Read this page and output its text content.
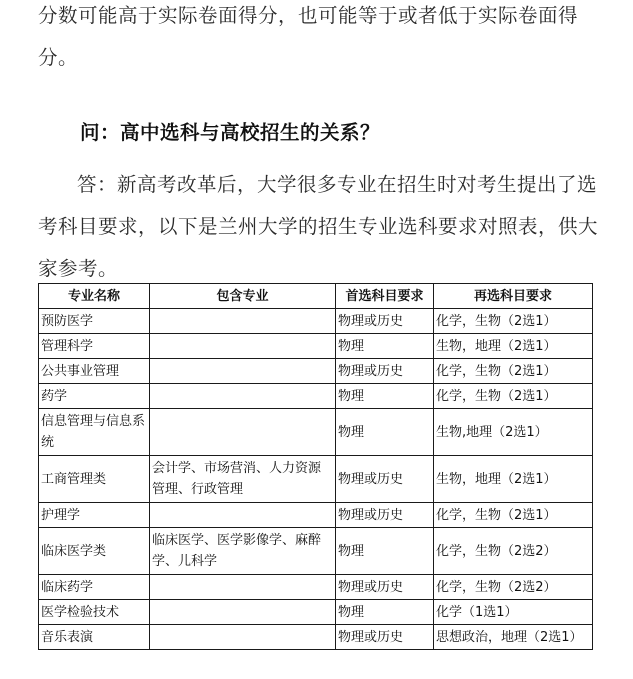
分数可能高于实际卷面得分，也可能等于或者低于实际卷面得分。

问：高中选科与高校招生的关系？

答：新高考改革后，大学很多专业在招生时对考生提出了选考科目要求，以下是兰州大学的招生专业选科要求对照表，供大家参考。

专业名称	包含专业	首选科目要求	再选科目要求
预防医学		物理或历史	化学，生物（2选1）
管理科学		物理	生物，地理（2选1）
公共事业管理		物理或历史	化学，生物（2选1）
药学		物理	化学，生物（2选1）
信息管理与信息系统		物理	生物,地理（2选1）
工商管理类	会计学、市场营消、人力资源管理、行政管理	物理或历史	生物，地理（2选1）
护理学		物理或历史	化学，生物（2选1）
临床医学类	临床医学、医学影像学、麻醉学、儿科学	物理	化学，生物（2选2）
临床药学		物理或历史	化学，生物（2选2）
医学检验技术		物理	化学（1选1）
音乐表演		物理或历史	思想政治，地理（2选1）
